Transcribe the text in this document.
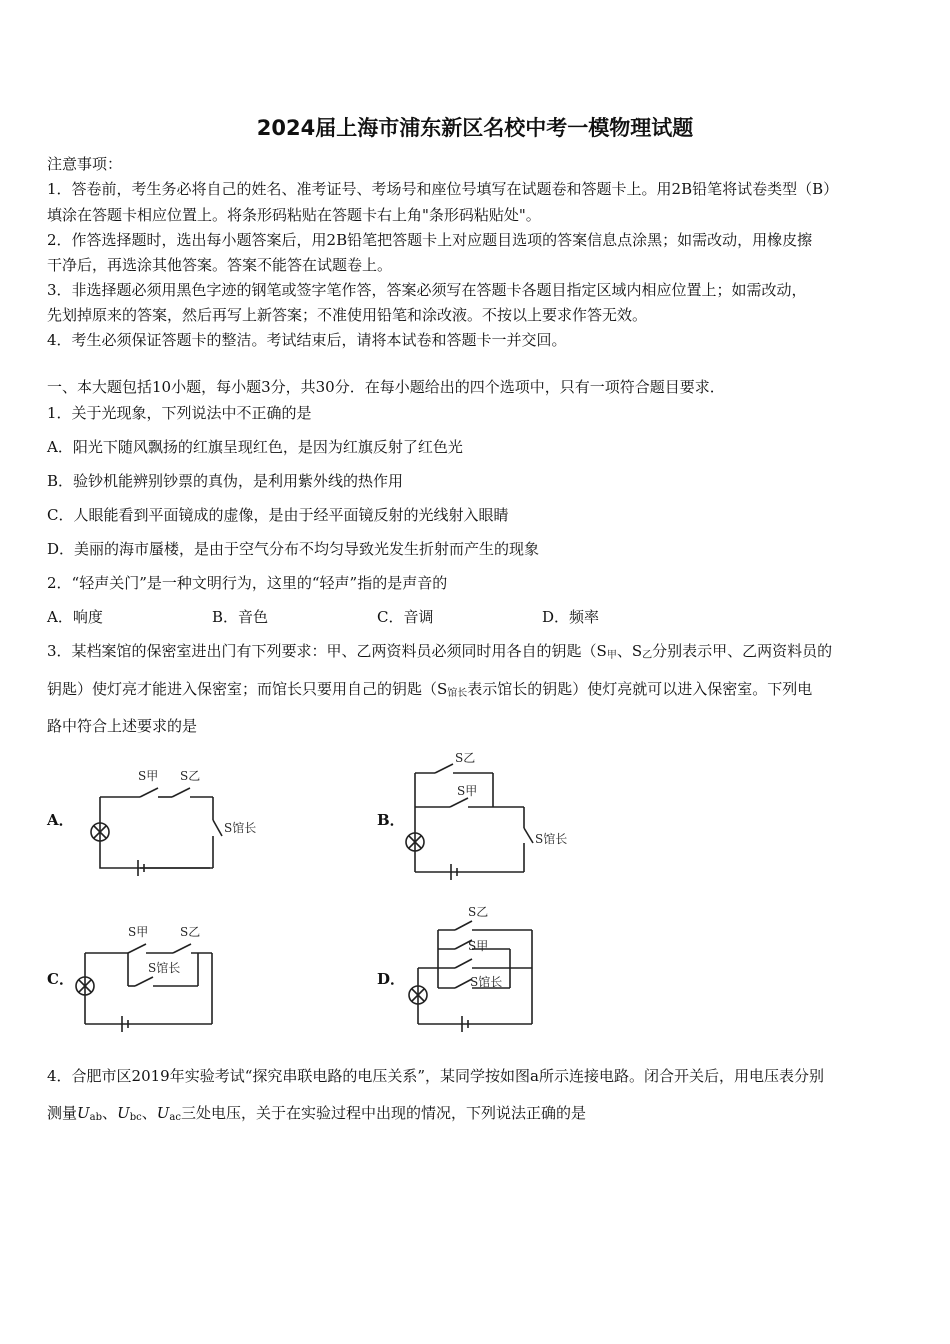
2024届上海市浦东新区名校中考一模物理试题
注意事项：
1．答卷前，考生务必将自己的姓名、准考证号、考场号和座位号填写在试题卷和答题卡上。用2B铅笔将试卷类型（B）
填涂在答题卡相应位置上。将条形码粘贴在答题卡右上角"条形码粘贴处"。
2．作答选择题时，选出每小题答案后，用2B铅笔把答题卡上对应题目选项的答案信息点涂黑；如需改动，用橡皮擦
干净后，再选涂其他答案。答案不能答在试题卷上。
3．非选择题必须用黑色字迹的钢笔或签字笔作答，答案必须写在答题卡各题目指定区域内相应位置上；如需改动，
先划掉原来的答案，然后再写上新答案；不准使用铅笔和涂改液。不按以上要求作答无效。
4．考生必须保证答题卡的整洁。考试结束后，请将本试卷和答题卡一并交回。
一、本大题包括10小题，每小题3分，共30分．在每小题给出的四个选项中，只有一项符合题目要求．
1．关于光现象，下列说法中不正确的是
A．阳光下随风飘扬的红旗呈现红色，是因为红旗反射了红色光
B．验钞机能辨别钞票的真伪，是利用紫外线的热作用
C．人眼能看到平面镜成的虚像，是由于经平面镜反射的光线射入眼睛
D．美丽的海市蜃楼，是由于空气分布不均匀导致光发生折射而产生的现象
2．“轻声关门”是一种文明行为，这里的“轻声”指的是声音的
A．响度	B．音色	C．音调	D．频率
3．某档案馆的保密室进出门有下列要求：甲、乙两资料员必须同时用各自的钥匙（$S_甲$、$S_乙$分别表示甲、乙两资料员的
钥匙）使灯亮才能进入保密室；而馆长只要用自己的钥匙（$S_{馆长}$表示馆长的钥匙）使灯亮就可以进入保密室。下列电
路中符合上述要求的是
A．
S甲 S乙
S馆长	B．
S乙
S甲
S馆长
C．
S甲	S乙
S馆长
D．
S乙
S甲
S馆长
4．合肥市区2019年实验考试“探究串联电路的电压关系”，某同学按如图a所示连接电路。闭合开关后，用电压表分别
测量$U_{ab}$、$U_{bc}$、$U_{ac}$三处电压，关于在实验过程中出现的情况，下列说法正确的是
